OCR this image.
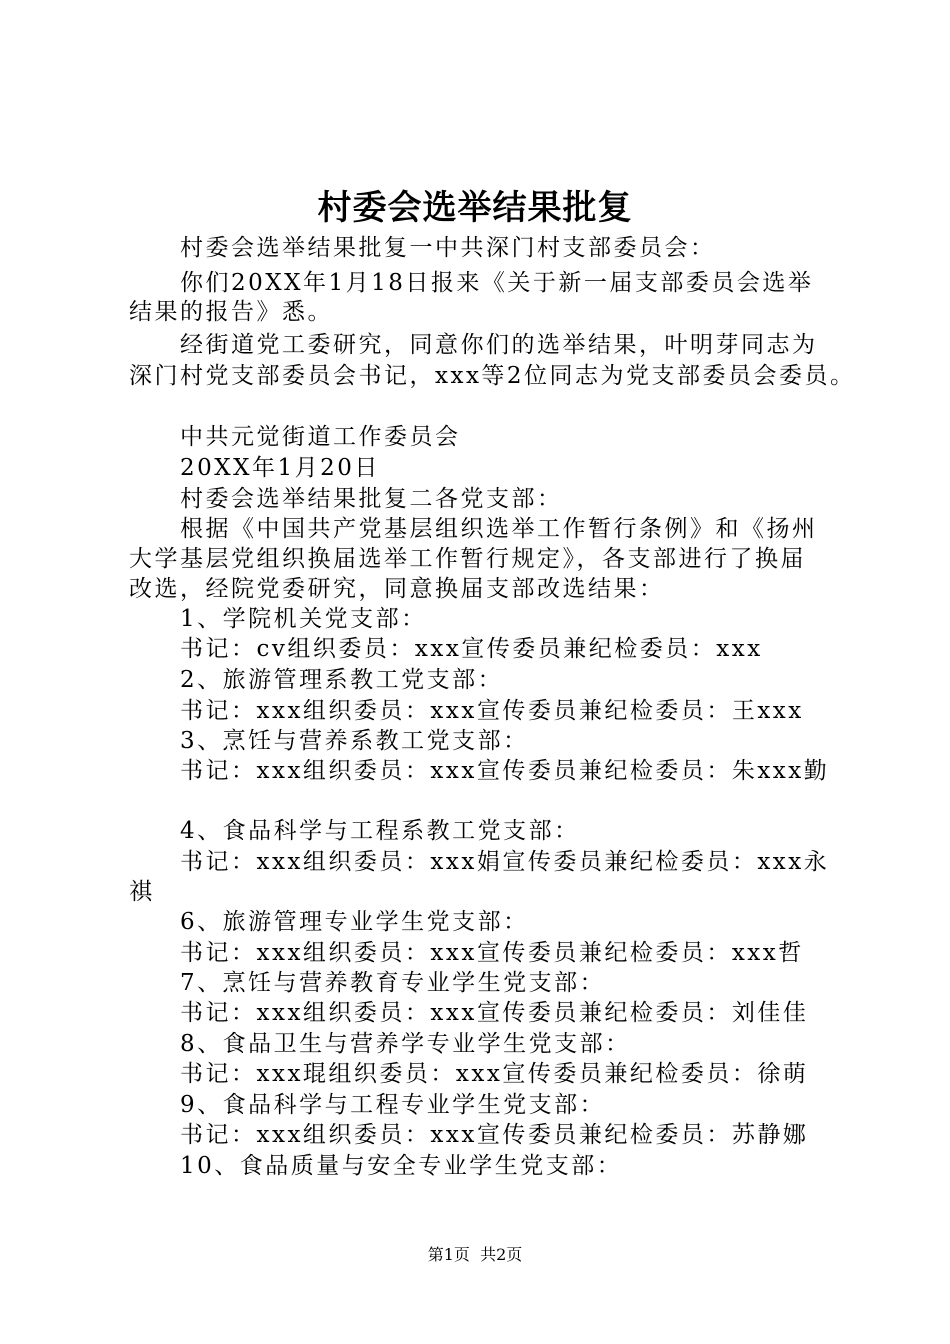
村委会选举结果批复
村委会选举结果批复一中共深门村支部委员会：
你们20XX年1月18日报来《关于新一届支部委员会选举
结果的报告》悉。
经街道党工委研究，同意你们的选举结果，叶明芽同志为
深门村党支部委员会书记，xxx等2位同志为党支部委员会委员。
中共元觉街道工作委员会
20XX年1月20日
村委会选举结果批复二各党支部：
根据《中国共产党基层组织选举工作暂行条例》和《扬州
大学基层党组织换届选举工作暂行规定》，各支部进行了换届
改选，经院党委研究，同意换届支部改选结果：
1、学院机关党支部：
书记：cv组织委员：xxx宣传委员兼纪检委员：xxx
2、旅游管理系教工党支部：
书记：xxx组织委员：xxx宣传委员兼纪检委员：王xxx
3、烹饪与营养系教工党支部：
书记：xxx组织委员：xxx宣传委员兼纪检委员：朱xxx勤
4、食品科学与工程系教工党支部：
书记：xxx组织委员：xxx娟宣传委员兼纪检委员：xxx永
祺
6、旅游管理专业学生党支部：
书记：xxx组织委员：xxx宣传委员兼纪检委员：xxx哲
7、烹饪与营养教育专业学生党支部：
书记：xxx组织委员：xxx宣传委员兼纪检委员：刘佳佳
8、食品卫生与营养学专业学生党支部：
书记：xxx琨组织委员：xxx宣传委员兼纪检委员：徐萌
9、食品科学与工程专业学生党支部：
书记：xxx组织委员：xxx宣传委员兼纪检委员：苏静娜
10、食品质量与安全专业学生党支部：
第1页  共2页
